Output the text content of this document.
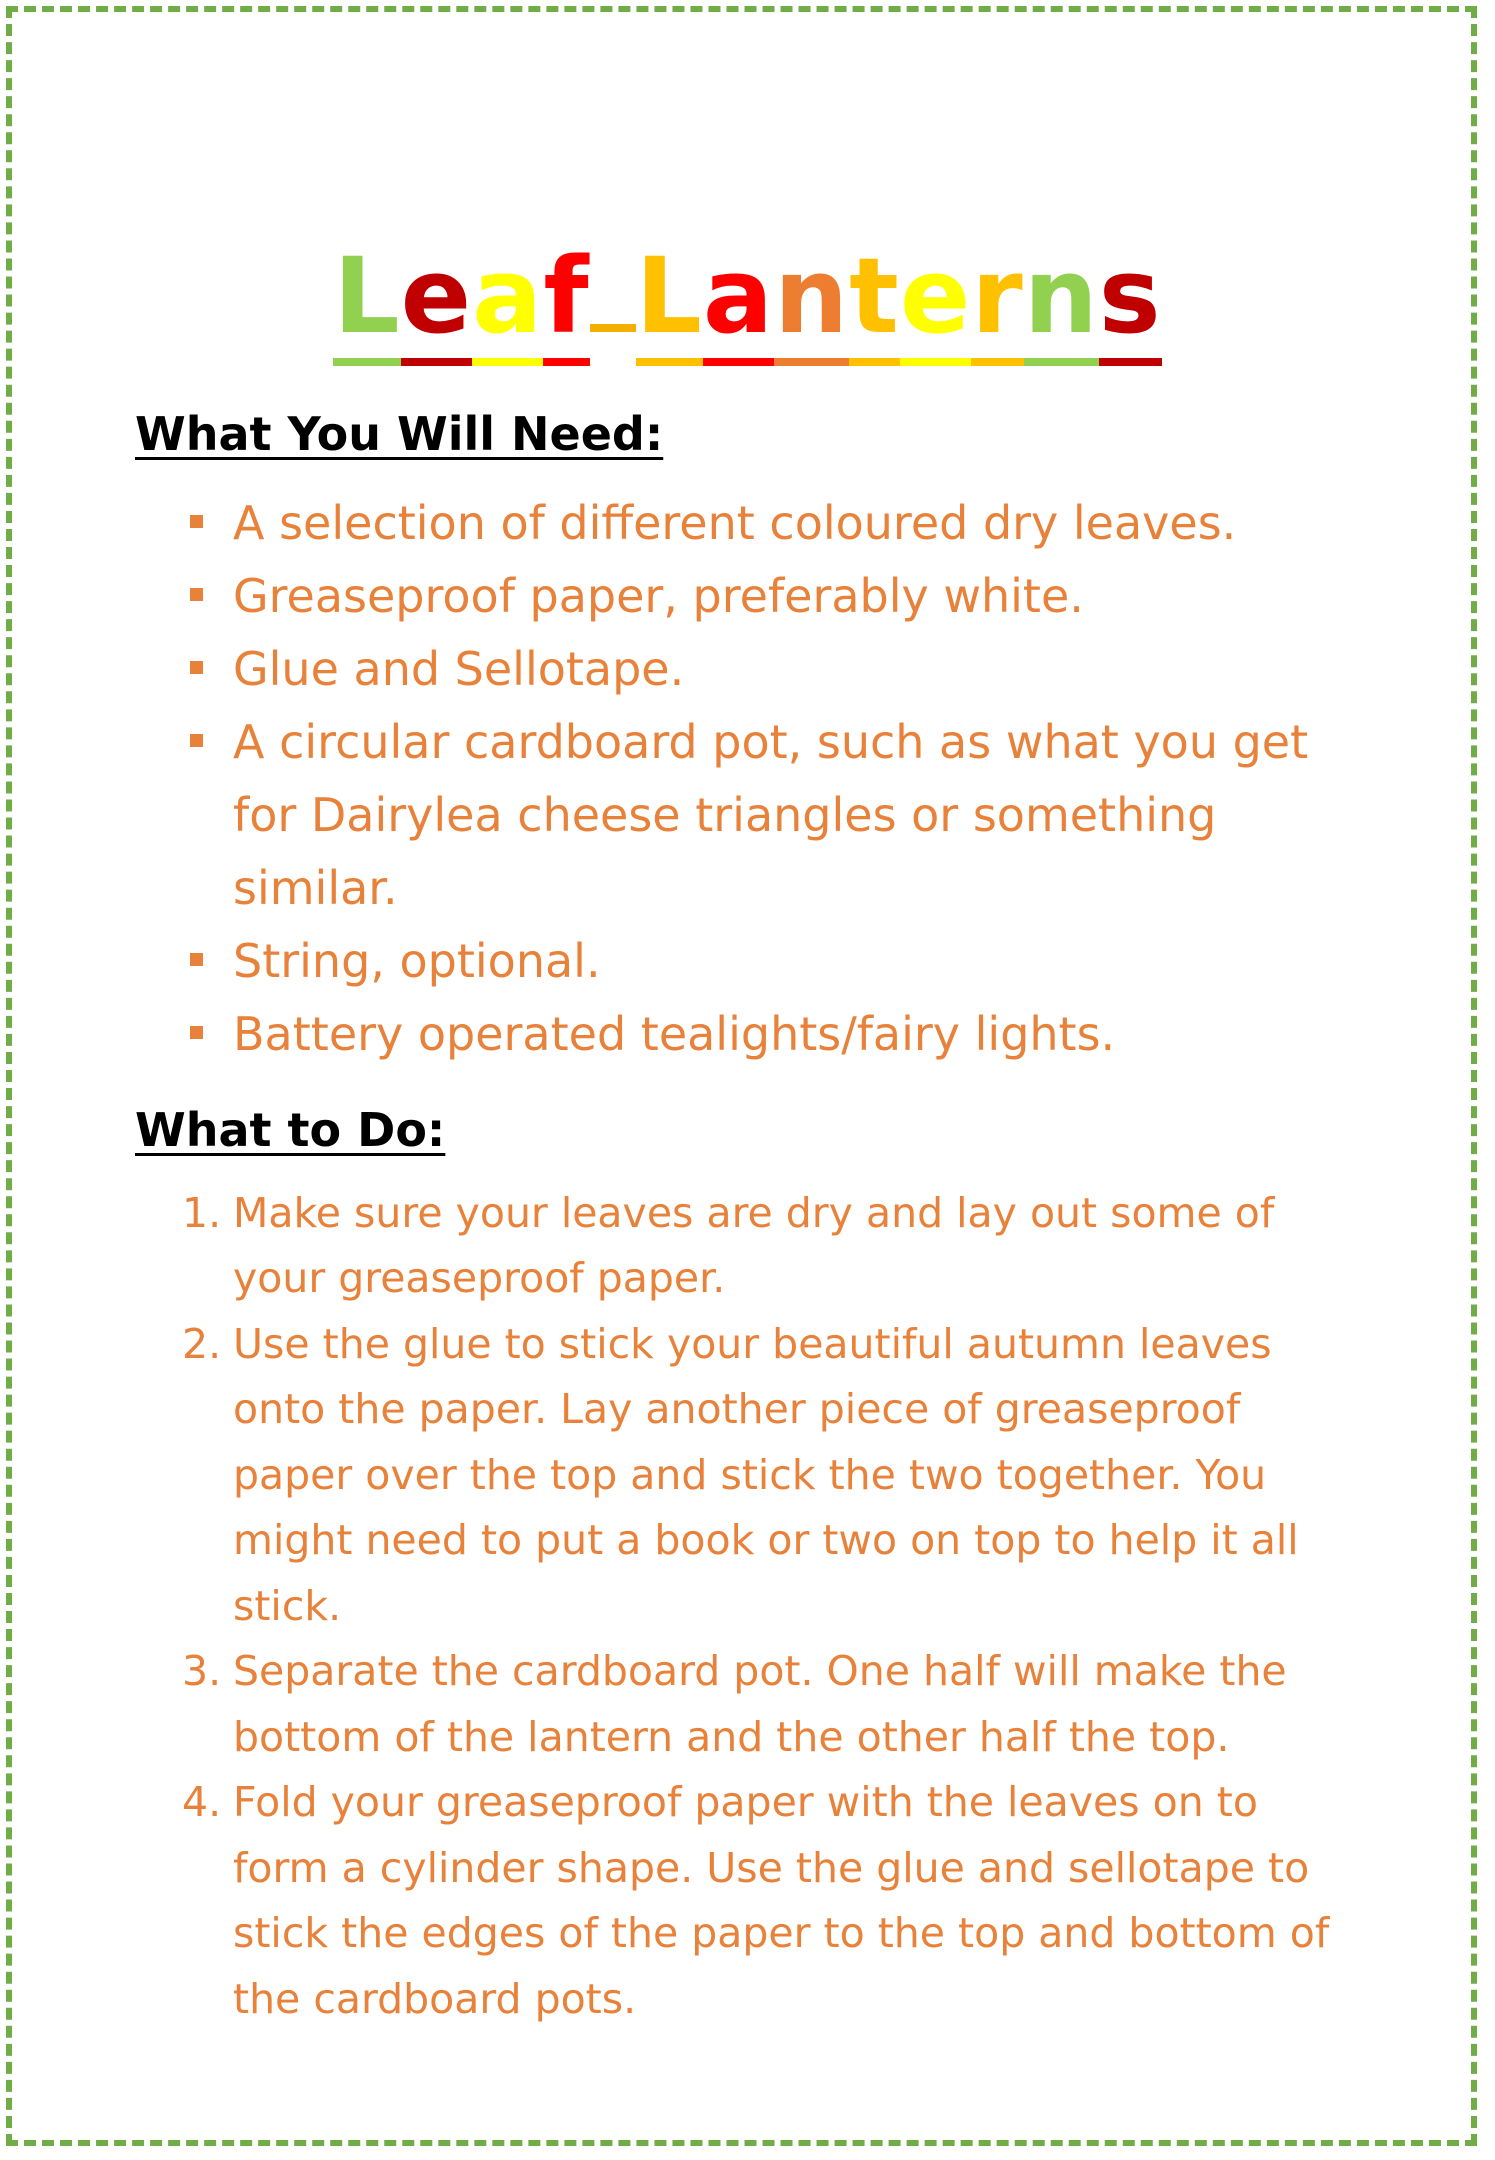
Leaf Lanterns
What You Will Need:
A selection of different coloured dry leaves.
Greaseproof paper, preferably white.
Glue and Sellotape.
A circular cardboard pot, such as what you get for Dairylea cheese triangles or something similar.
String, optional.
Battery operated tealights/fairy lights.
What to Do:
1. Make sure your leaves are dry and lay out some of your greaseproof paper.
2. Use the glue to stick your beautiful autumn leaves onto the paper. Lay another piece of greaseproof paper over the top and stick the two together. You might need to put a book or two on top to help it all stick.
3. Separate the cardboard pot. One half will make the bottom of the lantern and the other half the top.
4. Fold your greaseproof paper with the leaves on to form a cylinder shape. Use the glue and sellotape to stick the edges of the paper to the top and bottom of the cardboard pots.
